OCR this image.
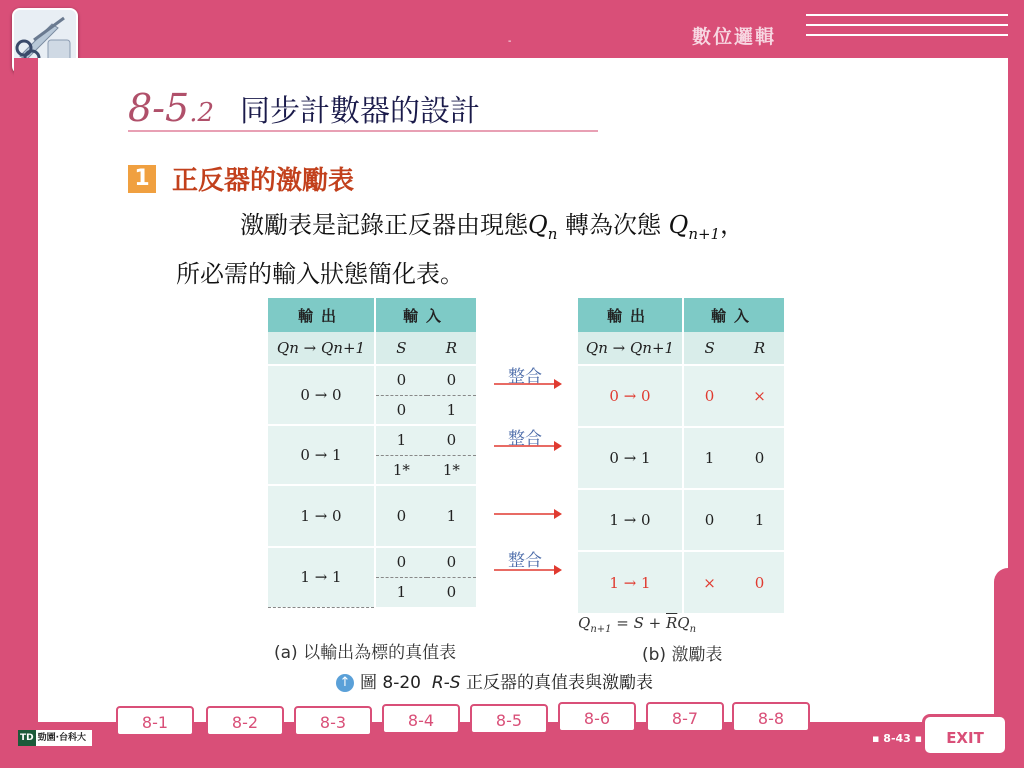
-	數位邏輯
8-5.2 同步計數器的設計
1 正反器的激勵表
激勵表是記錄正反器由現態$Q_n$ 轉為次態 $Q_{n+1}$，
所必需的輸入狀態簡化表。
輸出	輸入	
Qn → Qn+1	S	R
0 → 0	0	0
	0	1
0 → 1	1	0
	1*	1*
1 → 0	0	1
1 → 1	0	0
	1	0
輸出	輸入	
Qn → Qn+1	S	R
0 → 0	0	×
0 → 1	1	0
1 → 0	0	1
1 → 1	×	0
整合
整合
整合
$Q_{n+1} = S + \overline{R}Q_n$
(a) 以輸出為標的真值表	(b) 激勵表
↑ 圖 8-20 R-S 正反器的真值表與激勵表
8-1	8-2	8-3	8-4	8-5	8-6	8-7	8-8
TD 勁園·台科大	▪ 8-43 ▪	EXIT
